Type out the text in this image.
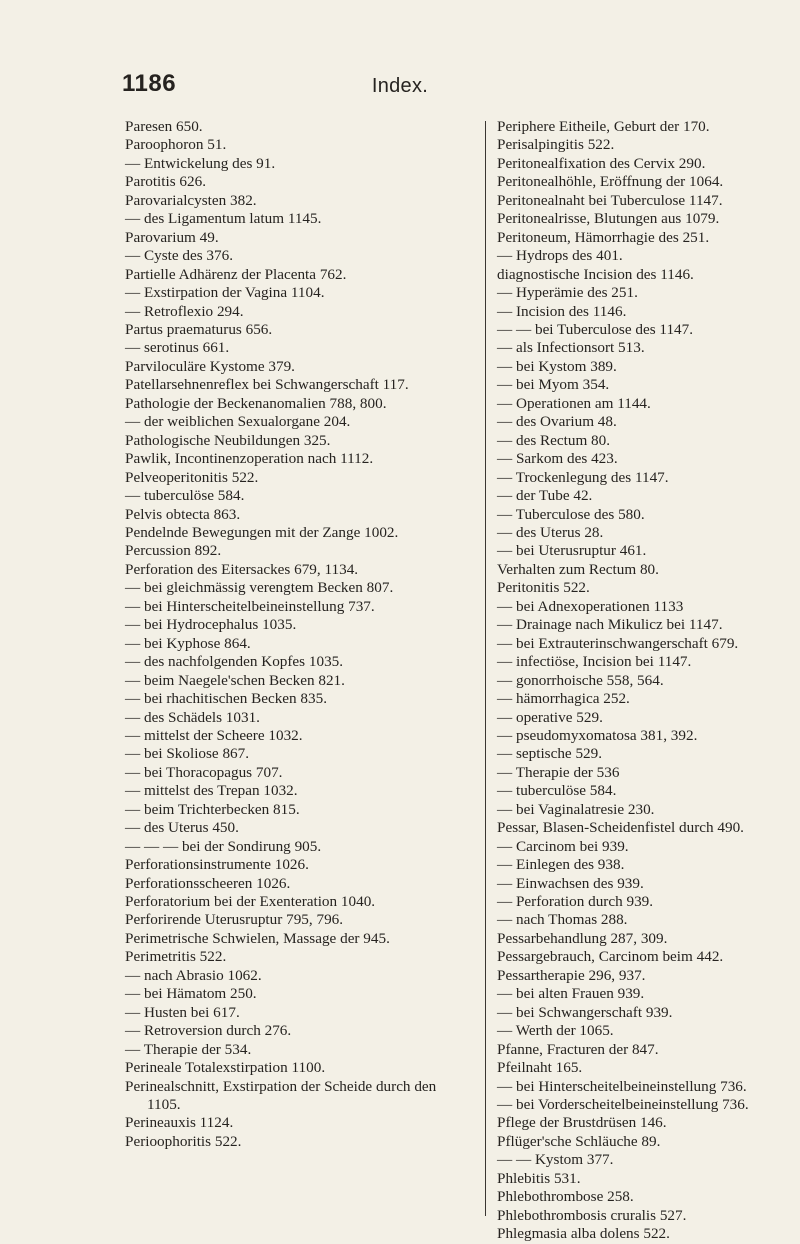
1186	Index.

Paresen 650.

Paroophoron 51.

— Entwickelung des 91.

Parotitis 626.

Parovarialcysten 382.

— des Ligamentum latum 1145.

Parovarium 49.

— Cyste des 376.

Partielle Adhärenz der Placenta 762.

— Exstirpation der Vagina 1104.

— Retroflexio 294.

Partus praematurus 656.

— serotinus 661.

Parviloculäre Kystome 379.

Patellarsehnenreflex bei Schwangerschaft 117.

Pathologie der Beckenanomalien 788, 800.

— der weiblichen Sexualorgane 204.

Pathologische Neubildungen 325.

Pawlik, Incontinenzoperation nach 1112.

Pelveoperitonitis 522.

— tuberculöse 584.

Pelvis obtecta 863.

Pendelnde Bewegungen mit der Zange 1002.

Percussion 892.

Perforation des Eitersackes 679, 1134.

— bei gleichmässig verengtem Becken 807.

— bei Hinterscheitelbeineinstellung 737.

— bei Hydrocephalus 1035.

— bei Kyphose 864.

— des nachfolgenden Kopfes 1035.

— beim Naegele'schen Becken 821.

— bei rhachitischen Becken 835.

— des Schädels 1031.

— mittelst der Scheere 1032.

— bei Skoliose 867.

— bei Thoracopagus 707.

— mittelst des Trepan 1032.

— beim Trichterbecken 815.

— des Uterus 450.

— — — bei der Sondirung 905.

Perforationsinstrumente 1026.

Perforationsscheeren 1026.

Perforatorium bei der Exenteration 1040.

Perforirende Uterusruptur 795, 796.

Perimetrische Schwielen, Massage der 945.

Perimetritis 522.

— nach Abrasio 1062.

— bei Hämatom 250.

— Husten bei 617.

— Retroversion durch 276.

— Therapie der 534.

Perineale Totalexstirpation 1100.

Perinealschnitt, Exstirpation der Scheide durch den 1105.

Perineauxis 1124.

Perioophoritis 522.

Periphere Eitheile, Geburt der 170.

Perisalpingitis 522.

Peritonealfixation des Cervix 290.

Peritonealhöhle, Eröffnung der 1064.

Peritonealnaht bei Tuberculose 1147.

Peritonealrisse, Blutungen aus 1079.

Peritoneum, Hämorrhagie des 251.

— Hydrops des 401.

diagnostische Incision des 1146.

— Hyperämie des 251.

— Incision des 1146.

— — bei Tuberculose des 1147.

— als Infectionsort 513.

— bei Kystom 389.

— bei Myom 354.

— Operationen am 1144.

— des Ovarium 48.

— des Rectum 80.

— Sarkom des 423.

— Trockenlegung des 1147.

— der Tube 42.

— Tuberculose des 580.

— des Uterus 28.

— bei Uterusruptur 461.

Verhalten zum Rectum 80.

Peritonitis 522.

— bei Adnexoperationen 1133

— Drainage nach Mikulicz bei 1147.

— bei Extrauterinschwangerschaft 679.

— infectiöse, Incision bei 1147.

— gonorrhoische 558, 564.

— hämorrhagica 252.

— operative 529.

— pseudomyxomatosa 381, 392.

— septische 529.

— Therapie der 536

— tuberculöse 584.

— bei Vaginalatresie 230.

Pessar, Blasen-Scheidenfistel durch 490.

— Carcinom bei 939.

— Einlegen des 938.

— Einwachsen des 939.

— Perforation durch 939.

— nach Thomas 288.

Pessarbehandlung 287, 309.

Pessargebrauch, Carcinom beim 442.

Pessartherapie 296, 937.

— bei alten Frauen 939.

— bei Schwangerschaft 939.

— Werth der 1065.

Pfanne, Fracturen der 847.

Pfeilnaht 165.

— bei Hinterscheitelbeineinstellung 736.

— bei Vorderscheitelbeineinstellung 736.

Pflege der Brustdrüsen 146.

Pflüger'sche Schläuche 89.

— — Kystom 377.

Phlebitis 531.

Phlebothrombose 258.

Phlebothrombosis cruralis 527.

Phlegmasia alba dolens 522.
